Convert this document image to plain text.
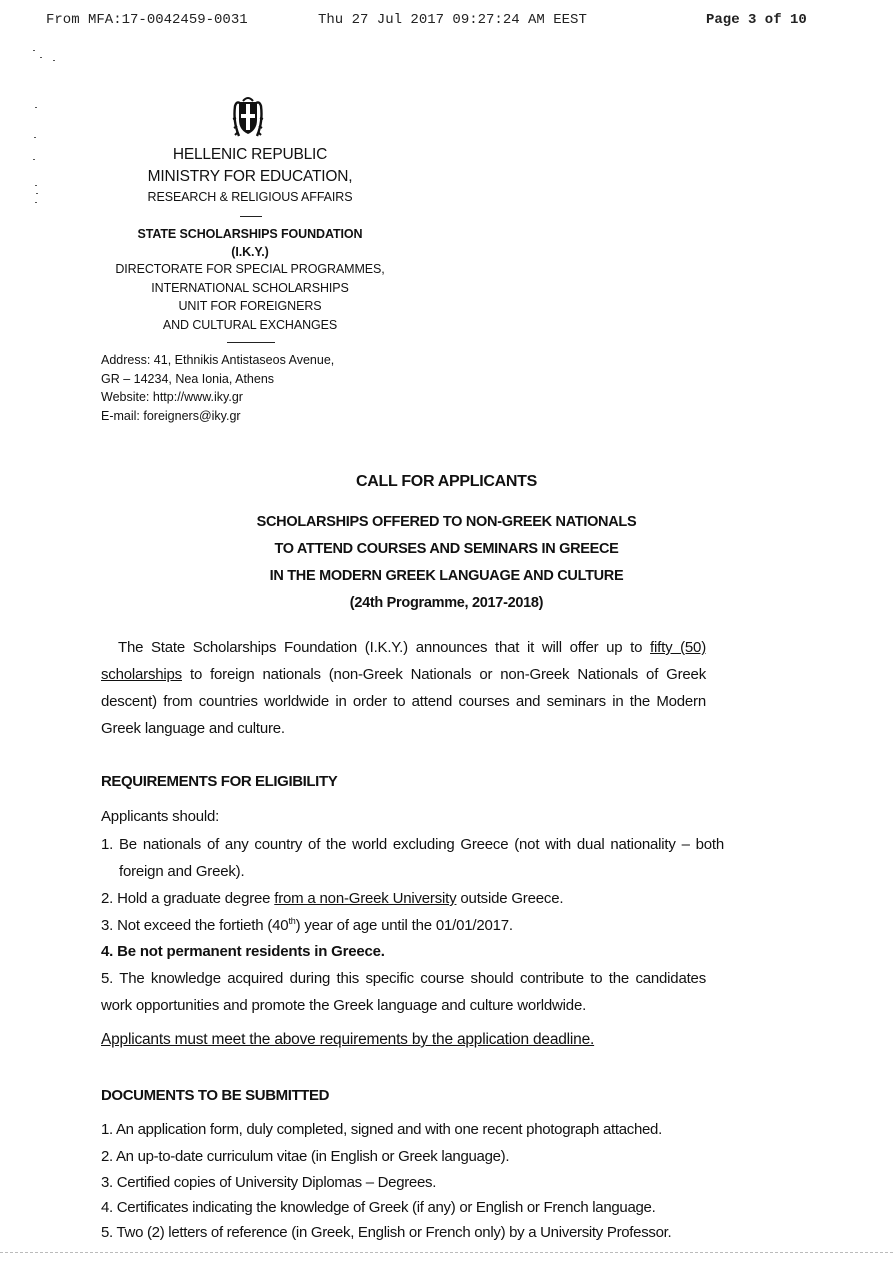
From MFA:17-0042459-0031	Thu 27 Jul 2017 09:27:24 AM EEST	Page 3 of 10
HELLENIC REPUBLIC
MINISTRY FOR EDUCATION,
RESEARCH & RELIGIOUS AFFAIRS
STATE SCHOLARSHIPS FOUNDATION
(I.K.Y.)
DIRECTORATE FOR SPECIAL PROGRAMMES,
INTERNATIONAL SCHOLARSHIPS
UNIT FOR FOREIGNERS
AND CULTURAL EXCHANGES
Address: 41, Ethnikis Antistaseos Avenue,
GR – 14234, Nea Ionia, Athens
Website: http://www.iky.gr
E-mail: foreigners@iky.gr
CALL FOR APPLICANTS
SCHOLARSHIPS OFFERED TO NON-GREEK NATIONALS
TO ATTEND COURSES AND SEMINARS IN GREECE
IN THE MODERN GREEK LANGUAGE AND CULTURE
(24th Programme, 2017-2018)

The State Scholarships Foundation (I.K.Y.) announces that it will offer up to fifty (50) scholarships to foreign nationals (non-Greek Nationals or non-Greek Nationals of Greek descent) from countries worldwide in order to attend courses and seminars in the Modern Greek language and culture.

REQUIREMENTS FOR ELIGIBILITY
Applicants should:
1. Be nationals of any country of the world excluding Greece (not with dual nationality – both foreign and Greek).
2. Hold a graduate degree from a non-Greek University outside Greece.
3. Not exceed the fortieth (40th) year of age until the 01/01/2017.
4. Be not permanent residents in Greece.
5. The knowledge acquired during this specific course should contribute to the candidates work opportunities and promote the Greek language and culture worldwide.
Applicants must meet the above requirements by the application deadline.
DOCUMENTS TO BE SUBMITTED
1. An application form, duly completed, signed and with one recent photograph attached.
2. An up-to-date curriculum vitae (in English or Greek language).
3. Certified copies of University Diplomas – Degrees.
4. Certificates indicating the knowledge of Greek (if any) or English or French language.
5. Two (2) letters of reference (in Greek, English or French only) by a University Professor.
